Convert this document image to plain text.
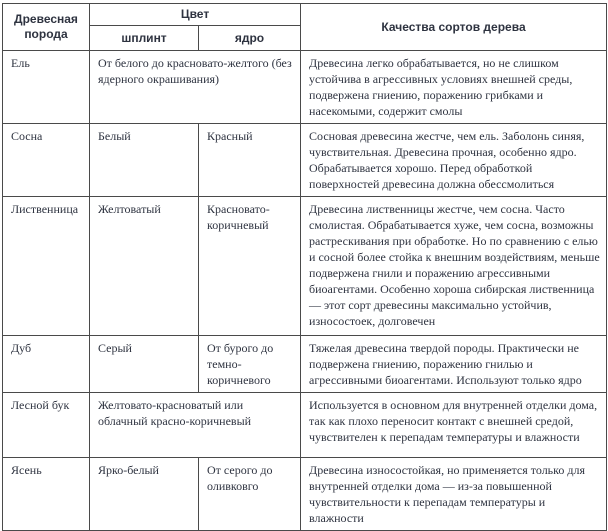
Древесная порода	Цвет		Качества сортов дерева
	шплинт	ядро	
Ель	От белого до красновато-желтого (без ядерного окрашивания)		Древесина легко обрабатывается, но не слишком устойчива в агрессивных условиях внешней среды, подвержена гниению, поражению грибками и насекомыми, содержит смолы
Сосна	Белый	Красный	Сосновая древесина жестче, чем ель. Заболонь синяя, чувствительная. Древесина прочная, особенно ядро. Обрабатывается хорошо. Перед обработкой поверхностей древесина должна обессмолиться
Лиственница	Желтоватый	Красновато-коричневый	Древесина лиственницы жестче, чем сосна. Часто смолистая. Обрабатывается хуже, чем сосна, возможны растрескивания при обработке. Но по сравнению с елью и сосной более стойка к внешним воздействиям, меньше подвержена гнили и поражению агрессивными биоагентами. Особенно хороша сибирская лиственница — этот сорт древесины максимально устойчив, износостоек, долговечен
Дуб	Серый	От бурого до темно-коричневого	Тяжелая древесина твердой породы. Практически не подвержена гниению, поражению гнилью и агрессивными биоагентами. Используют только ядро
Лесной бук	Желтовато-красноватый или облачный красно-коричневый		Используется в основном для внутренней отделки дома, так как плохо переносит контакт с внешней средой, чувствителен к перепадам температуры и влажности
Ясень	Ярко-белый	От серого до оливковго	Древесина износостойкая, но применяется только для внутренней отделки дома — из-за повышенной чувствительности к перепадам температуры и влажности
